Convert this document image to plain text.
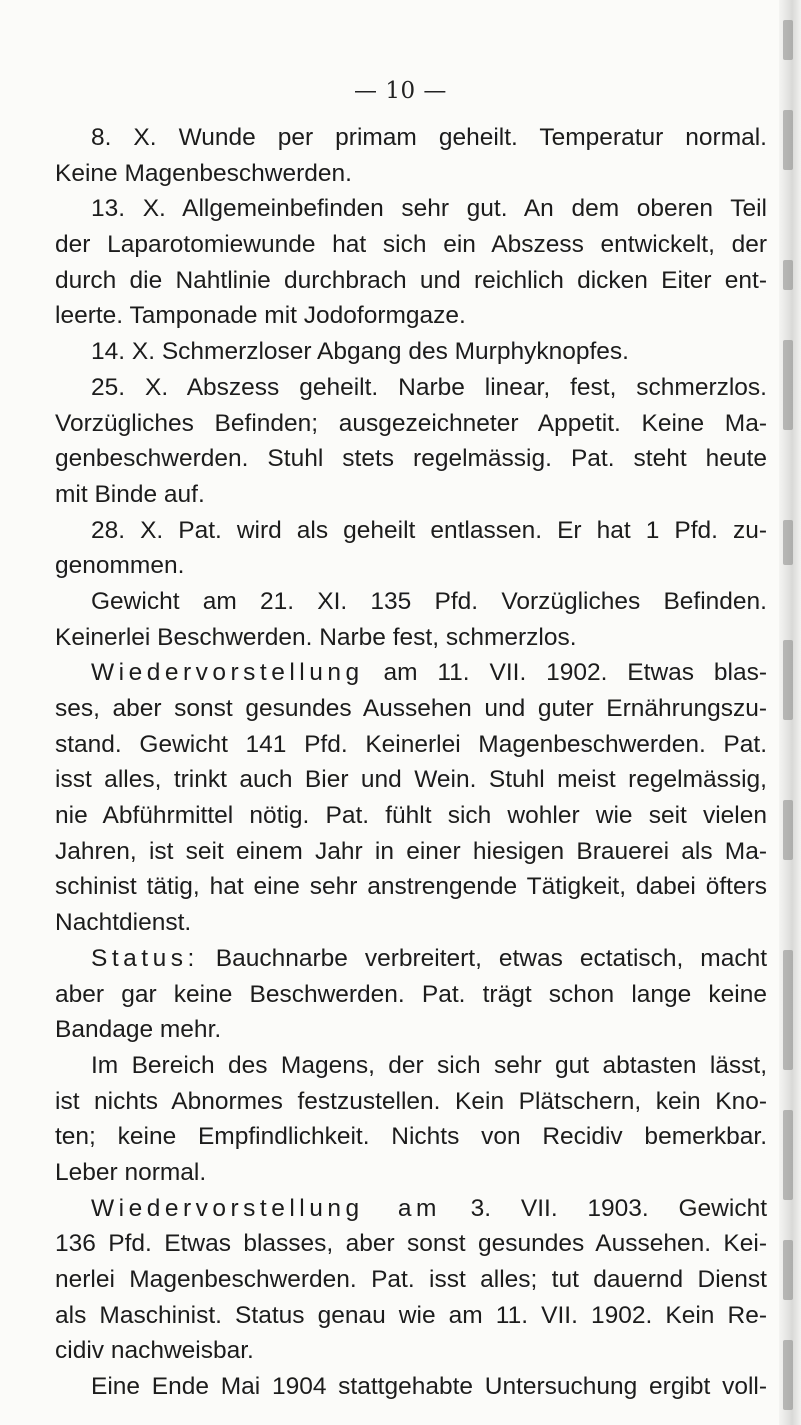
— 10 —
8. X. Wunde per primam geheilt. Temperatur normal.
Keine Magenbeschwerden.
13. X. Allgemeinbefinden sehr gut. An dem oberen Teil
der Laparotomiewunde hat sich ein Abszess entwickelt, der
durch die Nahtlinie durchbrach und reichlich dicken Eiter ent-
leerte. Tamponade mit Jodoformgaze.
14. X. Schmerzloser Abgang des Murphyknopfes.
25. X. Abszess geheilt. Narbe linear, fest, schmerzlos.
Vorzügliches Befinden; ausgezeichneter Appetit. Keine Ma-
genbeschwerden. Stuhl stets regelmässig. Pat. steht heute
mit Binde auf.
28. X. Pat. wird als geheilt entlassen. Er hat 1 Pfd. zu-
genommen.
Gewicht am 21. XI. 135 Pfd. Vorzügliches Befinden.
Keinerlei Beschwerden. Narbe fest, schmerzlos.
Wiedervorstellung am 11. VII. 1902. Etwas blas-
ses, aber sonst gesundes Aussehen und guter Ernährungszu-
stand. Gewicht 141 Pfd. Keinerlei Magenbeschwerden. Pat.
isst alles, trinkt auch Bier und Wein. Stuhl meist regelmässig,
nie Abführmittel nötig. Pat. fühlt sich wohler wie seit vielen
Jahren, ist seit einem Jahr in einer hiesigen Brauerei als Ma-
schinist tätig, hat eine sehr anstrengende Tätigkeit, dabei öfters
Nachtdienst.
Status: Bauchnarbe verbreitert, etwas ectatisch, macht
aber gar keine Beschwerden. Pat. trägt schon lange keine
Bandage mehr.
Im Bereich des Magens, der sich sehr gut abtasten lässt,
ist nichts Abnormes festzustellen. Kein Plätschern, kein Kno-
ten; keine Empfindlichkeit. Nichts von Recidiv bemerkbar.
Leber normal.
Wiedervorstellung am 3. VII. 1903. Gewicht
136 Pfd. Etwas blasses, aber sonst gesundes Aussehen. Kei-
nerlei Magenbeschwerden. Pat. isst alles; tut dauernd Dienst
als Maschinist. Status genau wie am 11. VII. 1902. Kein Re-
cidiv nachweisbar.
Eine Ende Mai 1904 stattgehabte Untersuchung ergibt voll-
